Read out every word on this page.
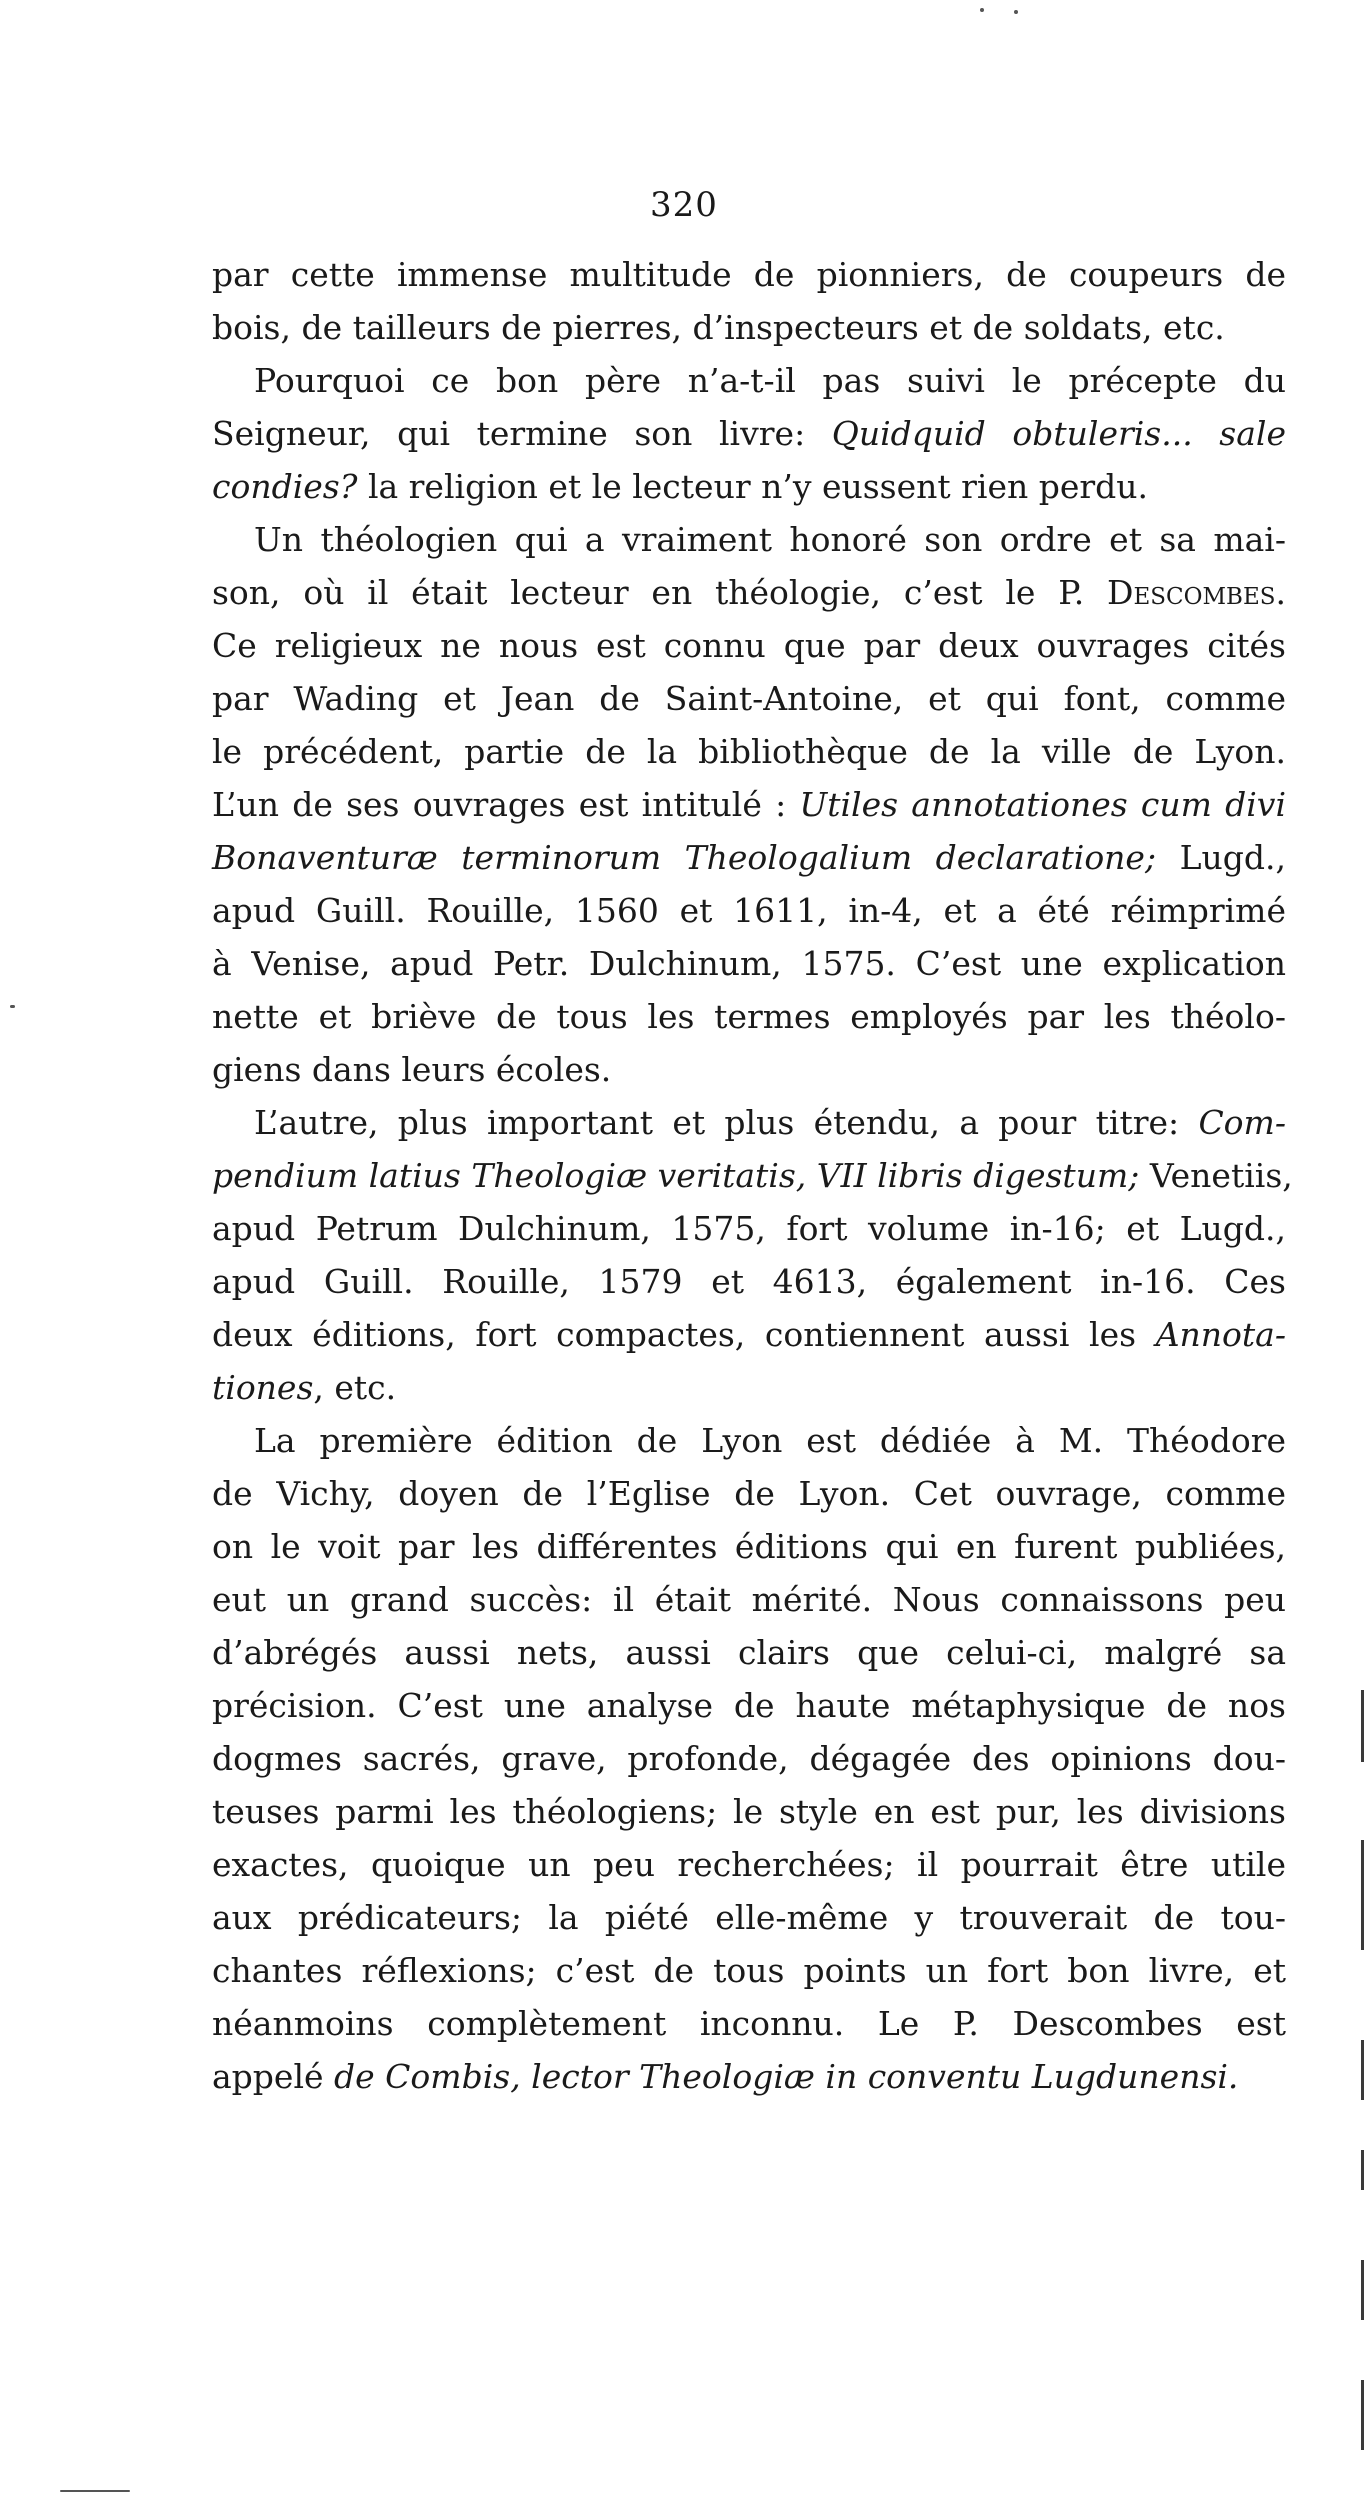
320
par cette immense multitude de pionniers, de coupeurs de
bois, de tailleurs de pierres, d’inspecteurs et de soldats, etc.
Pourquoi ce bon père n’a-t-il pas suivi le précepte du
Seigneur, qui termine son livre: Quidquid obtuleris... sale
condies? la religion et le lecteur n’y eussent rien perdu.
Un théologien qui a vraiment honoré son ordre et sa mai-
son, où il était lecteur en théologie, c’est le P. Descombes.
Ce religieux ne nous est connu que par deux ouvrages cités
par Wading et Jean de Saint-Antoine, et qui font, comme
le précédent, partie de la bibliothèque de la ville de Lyon.
L’un de ses ouvrages est intitulé : Utiles annotationes cum divi
Bonaventuræ terminorum Theologalium declaratione; Lugd.,
apud Guill. Rouille, 1560 et 1611, in-4, et a été réimprimé
à Venise, apud Petr. Dulchinum, 1575. C’est une explication
nette et briève de tous les termes employés par les théolo-
giens dans leurs écoles.
L’autre, plus important et plus étendu, a pour titre: Com-
pendium latius Theologiæ veritatis, VII libris digestum; Venetiis,
apud Petrum Dulchinum, 1575, fort volume in-16; et Lugd.,
apud Guill. Rouille, 1579 et 4613, également in-16. Ces
deux éditions, fort compactes, contiennent aussi les Annota-
tiones, etc.
La première édition de Lyon est dédiée à M. Théodore
de Vichy, doyen de l’Eglise de Lyon. Cet ouvrage, comme
on le voit par les différentes éditions qui en furent publiées,
eut un grand succès: il était mérité. Nous connaissons peu
d’abrégés aussi nets, aussi clairs que celui-ci, malgré sa
précision. C’est une analyse de haute métaphysique de nos
dogmes sacrés, grave, profonde, dégagée des opinions dou-
teuses parmi les théologiens; le style en est pur, les divisions
exactes, quoique un peu recherchées; il pourrait être utile
aux prédicateurs; la piété elle-même y trouverait de tou-
chantes réflexions; c’est de tous points un fort bon livre, et
néanmoins complètement inconnu. Le P. Descombes est
appelé de Combis, lector Theologiæ in conventu Lugdunensi.
